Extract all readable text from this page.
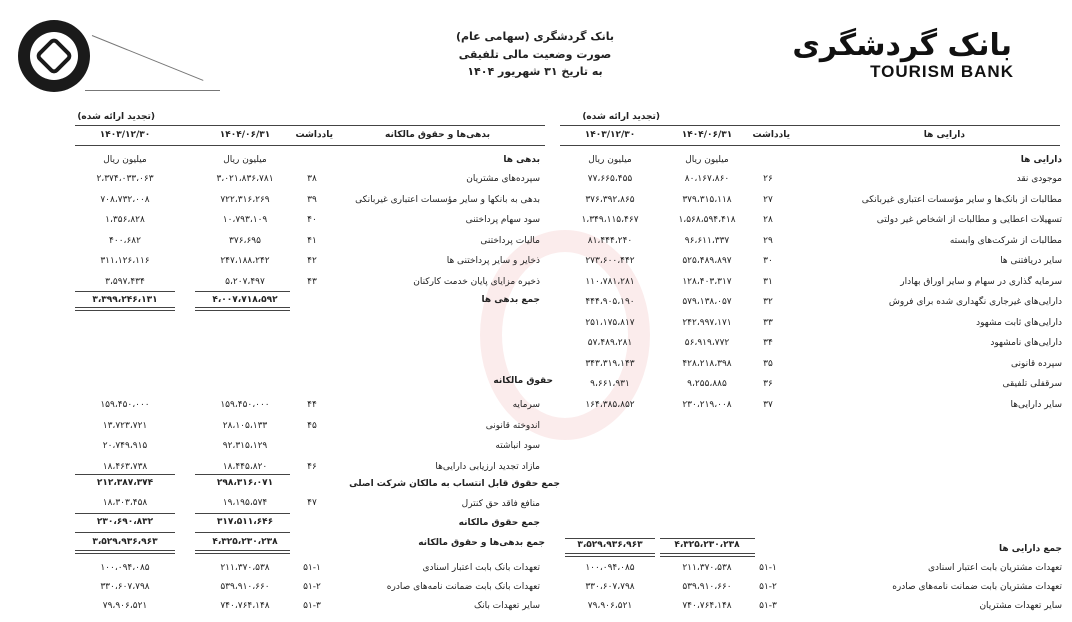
بانک گردشگری
TOURISM BANK
بانک گردشگری (سهامی عام)
صورت وضعیت مالی تلفیقی
به تاریخ ۳۱ شهریور ۱۴۰۴
(تجدید ارائه شده)
دارایی ها
یادداشت
۱۴۰۴/۰۶/۳۱
۱۴۰۳/۱۲/۳۰
میلیون ریال
میلیون ریال	دارایی ها
موجودی نقد
۲۶
۸۰،۱۶۷،۸۶۰
۷۷،۶۶۵،۴۵۵
مطالبات از بانک‌ها و سایر مؤسسات اعتباری غیربانکی
۲۷
۳۷۹،۳۱۵،۱۱۸
۳۷۶،۳۹۲،۸۶۵
تسهیلات اعطایی و مطالبات از اشخاص غیر دولتی
۲۸
۱،۵۶۸،۵۹۴،۴۱۸
۱،۳۴۹،۱۱۵،۴۶۷
مطالبات از شرکت‌های وابسته
۲۹
۹۶،۶۱۱،۳۳۷
۸۱،۴۴۴،۲۴۰
سایر دریافتنی ها
۳۰
۵۲۵،۴۸۹،۸۹۷
۲۷۳،۶۰۰،۴۴۲
سرمایه گذاری در سهام و سایر اوراق بهادار
۳۱
۱۲۸،۴۰۳،۳۱۷
۱۱۰،۷۸۱،۲۸۱
دارایی‌های غیرجاری نگهداری شده برای فروش
۳۲
۵۷۹،۱۳۸،۰۵۷
۴۴۴،۹۰۵،۱۹۰
دارایی‌های ثابت مشهود
۳۳
۲۴۲،۹۹۷،۱۷۱
۲۵۱،۱۷۵،۸۱۷
دارایی‌های نامشهود
۳۴
۵۶،۹۱۹،۷۷۲
۵۷،۴۸۹،۲۸۱
سپرده قانونی
۳۵
۴۲۸،۲۱۸،۳۹۸
۳۴۳،۳۱۹،۱۴۳
سرقفلی تلفیقی
۳۶
۹،۲۵۵،۸۸۵
۹،۶۶۱،۹۳۱
سایر دارایی‌ها
۳۷
۲۳۰،۲۱۹،۰۰۸
۱۶۴،۳۸۵،۸۵۲
جمع دارایی ها
۴،۳۲۵،۲۳۰،۲۳۸
۳،۵۲۹،۹۳۶،۹۶۳
تعهدات مشتریان بابت اعتبار اسنادی
۵۱-۱
۲۱۱،۳۷۰،۵۳۸
۱۰۰،۰۹۴،۰۸۵
تعهدات مشتریان بابت ضمانت نامه‌های صادره
۵۱-۲
۵۳۹،۹۱۰،۶۶۰
۳۳۰،۶۰۷،۷۹۸
سایر تعهدات مشتریان
۵۱-۳
۷۴۰،۷۶۴،۱۴۸
۷۹،۹۰۶،۵۲۱
(تجدید ارائه شده)
بدهی‌ها و حقوق مالکانه
یادداشت
۱۴۰۴/۰۶/۳۱
۱۴۰۳/۱۲/۳۰
میلیون ریال
میلیون ریال	بدهی ها
سپرده‌های مشتریان
۳۸
۳،۰۲۱،۸۳۶،۷۸۱
۲،۳۷۴،۰۳۳،۰۶۳
بدهی به بانکها و سایر مؤسسات اعتباری غیربانکی
۳۹
۷۲۲،۳۱۶،۲۶۹
۷۰۸،۷۳۲،۰۰۸
سود سهام پرداختنی
۴۰
۱۰،۷۹۳،۱۰۹
۱،۳۵۶،۸۲۸
مالیات پرداختنی
۴۱
۳۷۶،۶۹۵
۴۰۰،۶۸۲
ذخایر و سایر پرداختنی ها
۴۲
۲۴۷،۱۸۸،۲۴۲
۳۱۱،۱۲۶،۱۱۶
ذخیره مزایای پایان خدمت کارکنان
۴۳
۵،۲۰۷،۴۹۷
۳،۵۹۷،۴۳۴
جمع بدهی ها
۴،۰۰۷،۷۱۸،۵۹۲
۳،۳۹۹،۲۴۶،۱۳۱
حقوق مالکانه
سرمایه
۴۴
۱۵۹،۴۵۰،۰۰۰
۱۵۹،۴۵۰،۰۰۰
اندوخته قانونی
۴۵
۲۸،۱۰۵،۱۳۳
۱۳،۷۲۳،۷۲۱
سود انباشته
۹۲،۳۱۵،۱۲۹
۲۰،۷۴۹،۹۱۵
مازاد تجدید ارزیابی دارایی‌ها
۴۶
۱۸،۴۴۵،۸۲۰
۱۸،۴۶۳،۷۳۸
جمع حقوق قابل انتساب به مالکان شرکت اصلی
۲۹۸،۳۱۶،۰۷۱
۲۱۲،۳۸۷،۳۷۴
منافع فاقد حق کنترل
۴۷
۱۹،۱۹۵،۵۷۴
۱۸،۳۰۳،۴۵۸
جمع حقوق مالکانه
۳۱۷،۵۱۱،۶۴۶
۲۳۰،۶۹۰،۸۳۲
جمع بدهی‌ها و حقوق مالکانه
۴،۳۲۵،۲۳۰،۲۳۸
۳،۵۲۹،۹۳۶،۹۶۳
تعهدات بانک بابت اعتبار اسنادی
۵۱-۱
۲۱۱،۳۷۰،۵۳۸
۱۰۰،۰۹۴،۰۸۵
تعهدات بانک بابت ضمانت نامه‌های صادره
۵۱-۲
۵۳۹،۹۱۰،۶۶۰
۳۳۰،۶۰۷،۷۹۸
سایر تعهدات بانک
۵۱-۳
۷۴۰،۷۶۴،۱۴۸
۷۹،۹۰۶،۵۲۱
